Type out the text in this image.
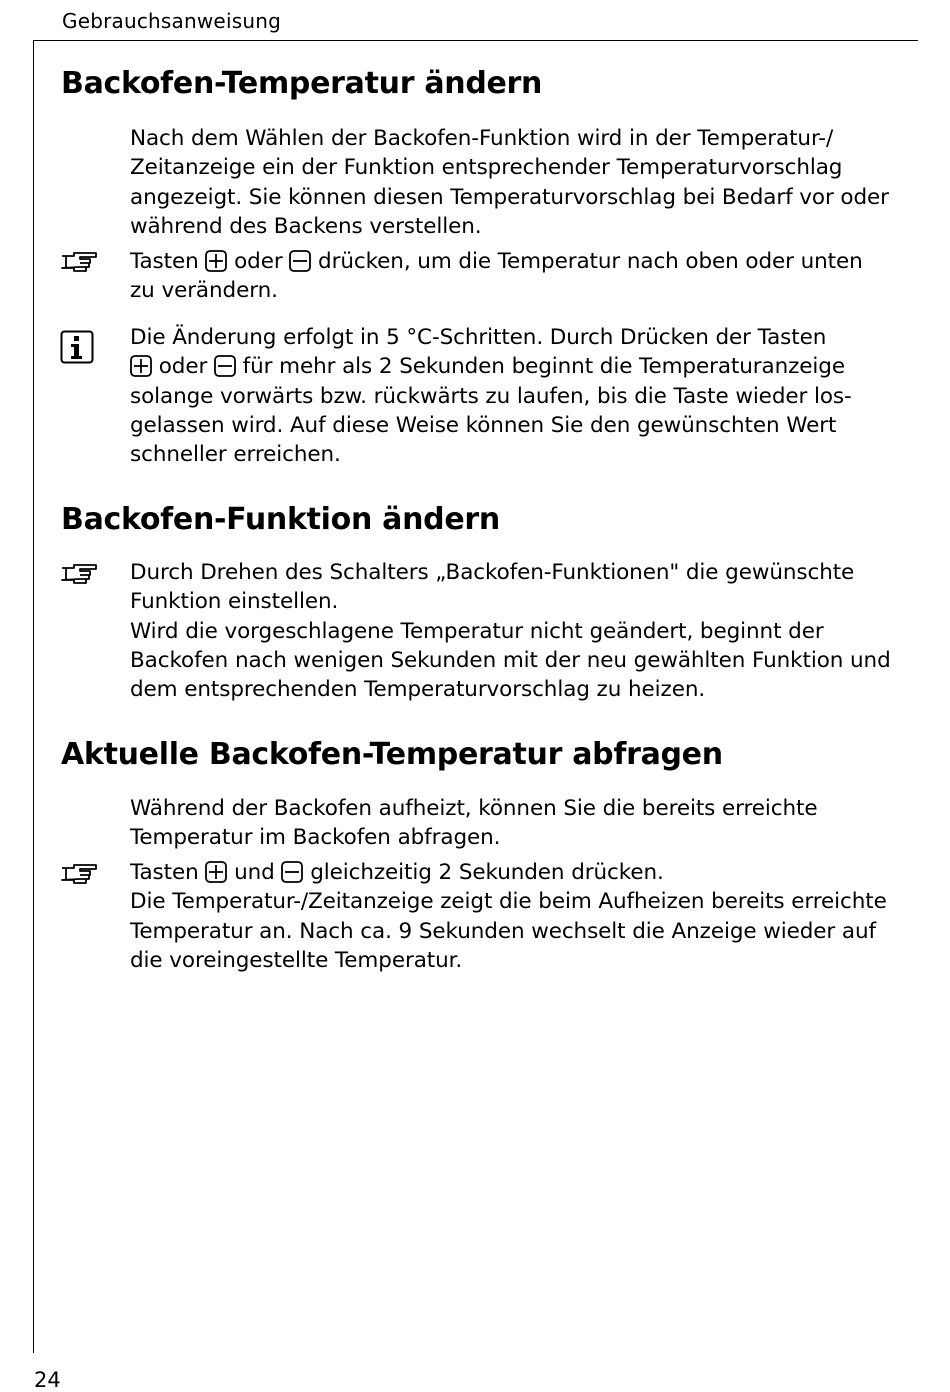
Gebrauchsanweisung
Backofen-Temperatur ändern
Nach dem Wählen der Backofen-Funktion wird in der Temperatur-/
Zeitanzeige ein der Funktion entsprechender Temperaturvorschlag
angezeigt. Sie können diesen Temperaturvorschlag bei Bedarf vor oder
während des Backens verstellen.
Tasten oder drücken, um die Temperatur nach oben oder unten
zu verändern.
Die Änderung erfolgt in 5 °C-Schritten. Durch Drücken der Tasten
oder für mehr als 2 Sekunden beginnt die Temperaturanzeige
solange vorwärts bzw. rückwärts zu laufen, bis die Taste wieder los-
gelassen wird. Auf diese Weise können Sie den gewünschten Wert
schneller erreichen.
Backofen-Funktion ändern
Durch Drehen des Schalters „Backofen-Funktionen" die gewünschte
Funktion einstellen.
Wird die vorgeschlagene Temperatur nicht geändert, beginnt der
Backofen nach wenigen Sekunden mit der neu gewählten Funktion und
dem entsprechenden Temperaturvorschlag zu heizen.
Aktuelle Backofen-Temperatur abfragen
Während der Backofen aufheizt, können Sie die bereits erreichte
Temperatur im Backofen abfragen.
Tasten und gleichzeitig 2 Sekunden drücken.
Die Temperatur-/Zeitanzeige zeigt die beim Aufheizen bereits erreichte
Temperatur an. Nach ca. 9 Sekunden wechselt die Anzeige wieder auf
die voreingestellte Temperatur.
24
